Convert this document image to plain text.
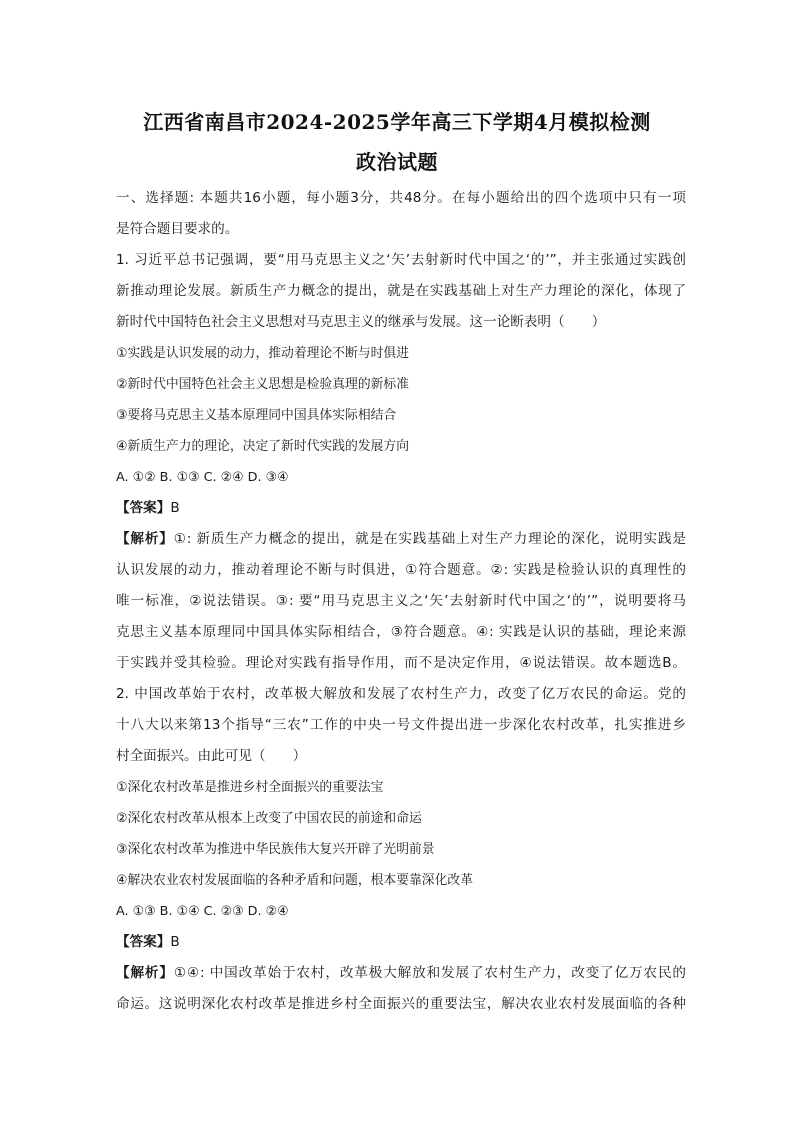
江西省南昌市2024-2025学年高三下学期4月模拟检测
政治试题
一、选择题: 本题共16小题，每小题3分，共48分。在每小题给出的四个选项中只有一项
是符合题目要求的。
1. 习近平总书记强调，要“用马克思主义之‘矢’去射新时代中国之‘的’”，并主张通过实践创
新推动理论发展。新质生产力概念的提出，就是在实践基础上对生产力理论的深化，体现了
新时代中国特色社会主义思想对马克思主义的继承与发展。这一论断表明（　　）
①实践是认识发展的动力，推动着理论不断与时俱进
②新时代中国特色社会主义思想是检验真理的新标准
③要将马克思主义基本原理同中国具体实际相结合
④新质生产力的理论，决定了新时代实践的发展方向
A. ①② B. ①③ C. ②④ D. ③④
【答案】B
【解析】①: 新质生产力概念的提出，就是在实践基础上对生产力理论的深化，说明实践是
认识发展的动力，推动着理论不断与时俱进，①符合题意。②: 实践是检验认识的真理性的
唯一标准，②说法错误。③: 要“用马克思主义之‘矢’去射新时代中国之‘的’”，说明要将马
克思主义基本原理同中国具体实际相结合，③符合题意。④: 实践是认识的基础，理论来源
于实践并受其检验。理论对实践有指导作用，而不是决定作用，④说法错误。故本题选B。
2. 中国改革始于农村，改革极大解放和发展了农村生产力，改变了亿万农民的命运。党的
十八大以来第13个指导“三农”工作的中央一号文件提出进一步深化农村改革，扎实推进乡
村全面振兴。由此可见（　　）
①深化农村改革是推进乡村全面振兴的重要法宝
②深化农村改革从根本上改变了中国农民的前途和命运
③深化农村改革为推进中华民族伟大复兴开辟了光明前景
④解决农业农村发展面临的各种矛盾和问题，根本要靠深化改革
A. ①③ B. ①④ C. ②③ D. ②④
【答案】B
【解析】①④: 中国改革始于农村，改革极大解放和发展了农村生产力，改变了亿万农民的
命运。这说明深化农村改革是推进乡村全面振兴的重要法宝，解决农业农村发展面临的各种
